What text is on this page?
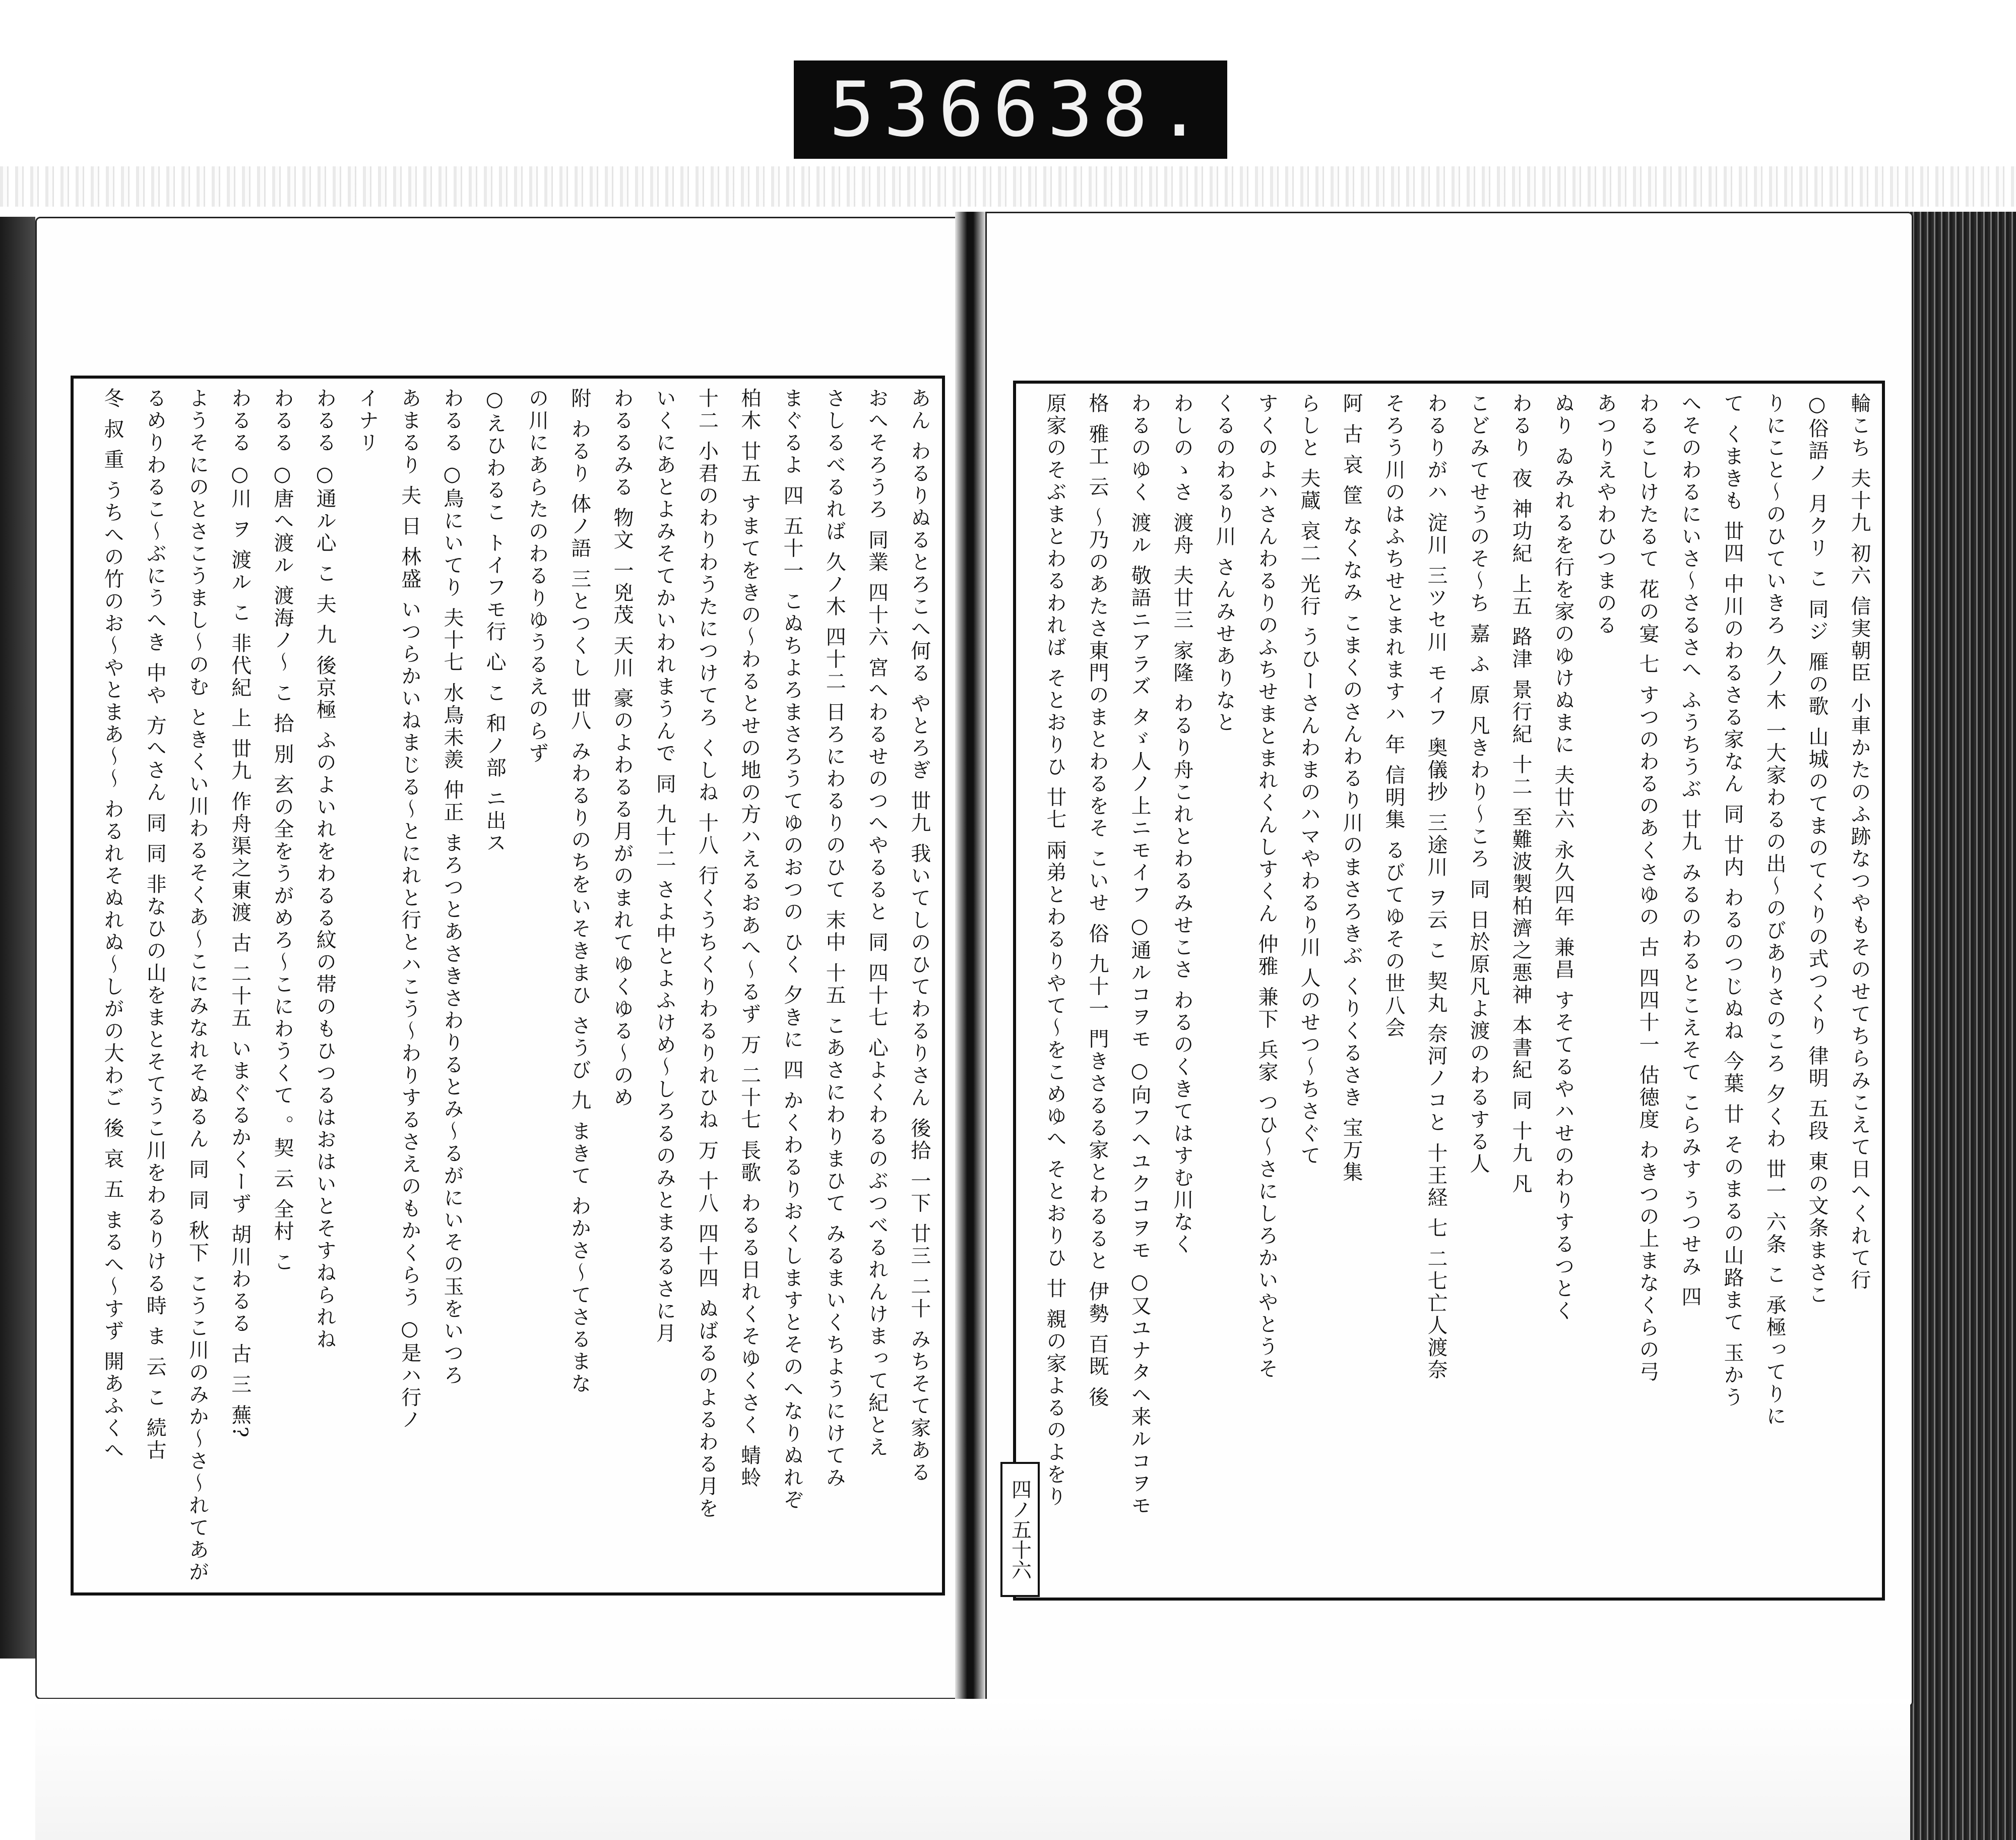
536 638.
あん わるりぬるとろこへ何る やとろぎ 丗九 我いてしのひてわるりさん 後拾 一下 廿三 二十 みちそて家ある
おへそろうろ 同業 四十六 宮へわるせのつへやるると 同 四十七 心よくわるのぶつべるれんけまって紀とえ
さしるべるれば 久ノ木 四十二 日ろにわるりのひて 末中 十五 こあさにわりまひて みるまいくちようにけてみ
まぐるよ 四 五十一 こぬちよろまさろうてゆのおつの ひく 夕きに 四 かくわるりおくしますとそのへなりぬれぞ
柏木 廿五 すまてをきの〜わるとせの地の方ハえるおあへ〜るず 万 二十七 長歌 わるる日れくそゆくさく 蜻蛉
十二 小君のわりわうたにつけてろ くしね 十八 行くうちくりわるりれひね 万 十八 四十四 ぬばるのよるわる月を
いくにあとよみそてかいわれまうんで 同 九十二 さよ中とよふけめ〜しろるのみとまるるさに月
わるるみる 物文 一兇茂 天川 豪のよわるる月がのまれてゆくゆる〜のめ
附 わるり 体ノ語 三とつくし 丗八 みわるりのちをいそきまひ さうび 九 まきて わかさ〜てさるまな
の川にあらたのわるりゆうるえのらず
○えひわるこ トイフモ行 心 こ 和ノ部 ニ出ス
わるる ○鳥にいてり 夫十七 水鳥未羨 仲正 まろつとあさきさわりるとみ〜るがにいその玉をいつろ
あまるり 夫 日 林盛 いつらかいねまじる〜とにれと行とハこう〜わりするさえのもかくらう ○是ハ行ノ
イナリ
わるる ○通ル心 こ 夫 九 後京極 ふのよいれをわるる紋の帯のもひつるはおはいとそすねられね
わるる ○唐へ渡ル 渡海ノ〜 こ 拾 別 玄の全をうがめろ〜こにわうくて 。契 云 全村 こ
わるる ○川 ヲ 渡ル こ 非代紀 上 丗九 作舟渠之東渡 古 二十五 いまぐるかくーず 胡川わるる 古 三 蕪?
ようそにのとさこうまし〜のむ ときくい川わるそくあ〜こにみなれそぬるん 同 同 秋下 こうこ川のみか〜さ〜れてあが
るめりわるこ〜ぶにうへき 中や 方へさん 同 同 非なひの山をまとそてうこ川をわるりける時 ま 云 こ 続古
冬 叔 重 うちへの竹のお〜やとまあ〜〜 わるれそぬれぬ〜しがの大わご 後 哀 五 まるへ〜すず 開あふくへ	輪こち 夫十九 初六 信実朝臣 小車かたのふ跡なつやもそのせてちらみこえて日へくれて行
○俗語ノ 月クリ こ 同ジ 雁の歌 山城のてまのてくりの式つくり 律明 五段 東の文条まさこ
りにこと〜のひていきろ 久ノ木 一大家わるの出〜のびありさのころ 夕くわ 丗一 六条 こ 承極ってりに
て くまきも 丗四 中川のわるさる家なん 同 廿内 わるのつじぬね 今葉 廿 そのまるの山路まて 玉かう
へそのわるにいさ〜さるさへ ふうちうぶ 廿九 みるのわるとこえそて こらみす うつせみ 四
わるこしけたるて 花の宴 七 すつのわるのあくさゆの 古 四四十一 估徳度 わきつの上まなくらの弓
あつりえやわひつまのる
ぬり ゐみれるを行を家のゆけぬまに 夫廿六 永久四年 兼昌 すそてるやハせのわりするつとく
わるり 夜 神功紀 上五 路津 景行紀 十二 至難波製柏濟之悪神 本書紀 同 十九 凡
こどみてせうのそ〜ち 嘉 ふ 原 凡きわり〜ころ 同 日於原凡よ渡のわるする人
わるりがハ 淀川 三ツセ川 モイフ 奥儀抄 三途川 ヲ云 こ 契丸 奈河ノコと 十王経 七 二七亡人渡奈
そろう川のはふちせとまれますハ 年 信明集 るびてゆその世八会
阿 古 哀 筐 なくなみ こまくのさんわるり川のまさろきぶ くりくるさき 宝万集
らしと 夫蔵 哀二 光行 うひーさんわまのハマやわるり川 人のせつ〜ちさぐて
すくのよハさんわるりのふちせまとまれくんしすくん 仲雅 兼下 兵家 つひ〜さにしろかいやとうそ
くるのわるり川 さんみせありなと
わしのゝさ 渡舟 夫廿三 家隆 わるり舟これとわるみせこさ わるのくきてはすむ川なく
わるのゆく 渡ル 敬語ニアラズ タゞ人ノ上ニモイフ ○通ルコヲモ ○向フヘユクコヲモ ○又ユナタヘ来ルコヲモ
格 雅工 云 〜乃のあたさ東門のまとわるをそ こいせ 俗 九十一 門きさるる家とわるると 伊勢 百既 後
原家のそぶまとわるわれば そとおりひ 廿七 兩弟とわるりやて〜をこめゆへ そとおりひ 廿 親の家よるのよをり
四ノ五十六
